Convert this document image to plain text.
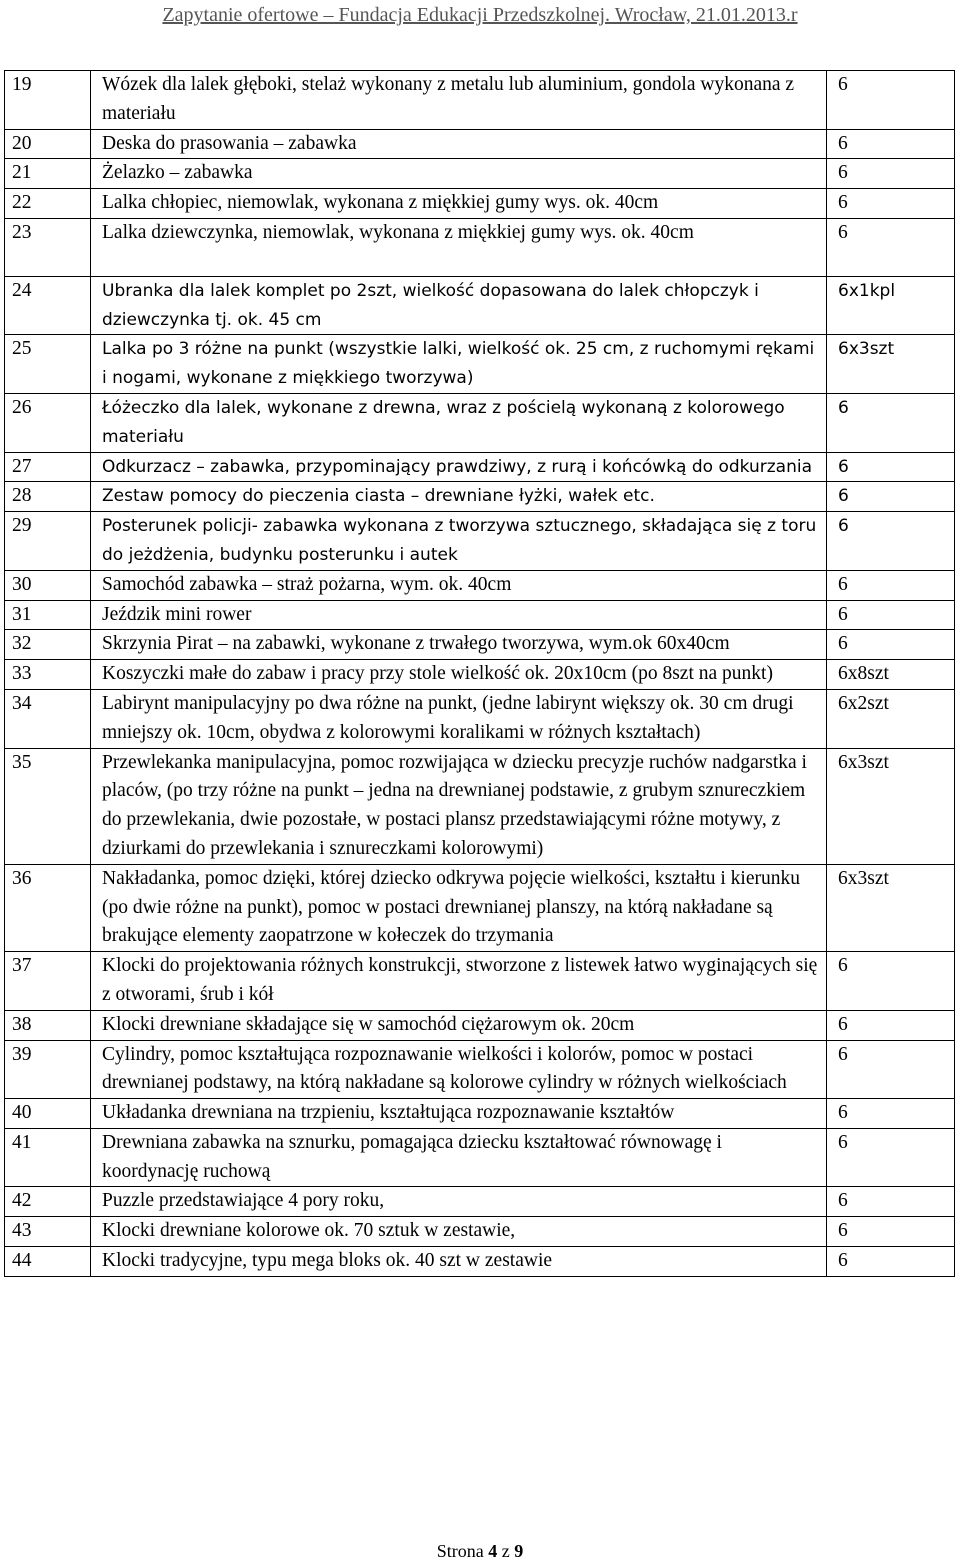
Zapytanie ofertowe – Fundacja Edukacji Przedszkolnej. Wrocław, 21.01.2013.r
19	Wózek dla lalek głęboki, stelaż wykonany z metalu lub aluminium, gondola wykonana z materiału	6
20	Deska do prasowania – zabawka	6
21	Żelazko – zabawka	6
22	Lalka chłopiec, niemowlak, wykonana z miękkiej gumy wys. ok. 40cm	6
23	Lalka dziewczynka, niemowlak, wykonana z miękkiej gumy wys. ok. 40cm	6
24	Ubranka dla lalek komplet po 2szt, wielkość dopasowana do lalek chłopczyk i dziewczynka tj. ok. 45 cm	6x1kpl
25	Lalka po 3 różne na punkt (wszystkie lalki, wielkość ok. 25 cm, z ruchomymi rękami i nogami, wykonane z miękkiego tworzywa)	6x3szt
26	Łóżeczko dla lalek, wykonane z drewna, wraz z pościelą wykonaną z kolorowego materiału	6
27	Odkurzacz – zabawka, przypominający prawdziwy, z rurą i końcówką do odkurzania	6
28	Zestaw pomocy do pieczenia ciasta – drewniane łyżki, wałek etc.	6
29	Posterunek policji- zabawka wykonana z tworzywa sztucznego, składająca się z toru do jeżdżenia, budynku posterunku i autek	6
30	Samochód zabawka – straż pożarna, wym. ok. 40cm	6
31	Jeździk mini rower	6
32	Skrzynia Pirat – na zabawki, wykonane z trwałego tworzywa, wym.ok 60x40cm	6
33	Koszyczki małe do zabaw i pracy przy stole wielkość ok. 20x10cm (po 8szt na punkt)	6x8szt
34	Labirynt manipulacyjny po dwa różne na punkt, (jedne labirynt większy ok. 30 cm drugi mniejszy ok. 10cm, obydwa z kolorowymi koralikami w różnych kształtach)	6x2szt
35	Przewlekanka manipulacyjna, pomoc rozwijająca w dziecku precyzje ruchów nadgarstka i placów, (po trzy różne na punkt – jedna na drewnianej podstawie, z grubym sznureczkiem do przewlekania, dwie pozostałe, w postaci plansz przedstawiającymi różne motywy, z dziurkami do przewlekania i sznureczkami kolorowymi)	6x3szt
36	Nakładanka, pomoc dzięki, której dziecko odkrywa pojęcie wielkości, kształtu i kierunku (po dwie różne na punkt), pomoc w postaci drewnianej planszy, na którą nakładane są brakujące elementy zaopatrzone w kołeczek do trzymania	6x3szt
37	Klocki do projektowania różnych konstrukcji, stworzone z listewek łatwo wyginających się z otworami, śrub i kół	6
38	Klocki drewniane składające się w samochód ciężarowym ok. 20cm	6
39	Cylindry, pomoc kształtująca rozpoznawanie wielkości i kolorów, pomoc w postaci drewnianej podstawy, na którą nakładane są kolorowe cylindry w różnych wielkościach	6
40	Układanka drewniana na trzpieniu, kształtująca rozpoznawanie kształtów	6
41	Drewniana zabawka na sznurku, pomagająca dziecku kształtować równowagę i koordynację ruchową	6
42	Puzzle przedstawiające 4 pory roku,	6
43	Klocki drewniane kolorowe ok. 70 sztuk w zestawie,	6
44	Klocki tradycyjne, typu mega bloks ok. 40 szt w zestawie	6
Strona 4 z 9
